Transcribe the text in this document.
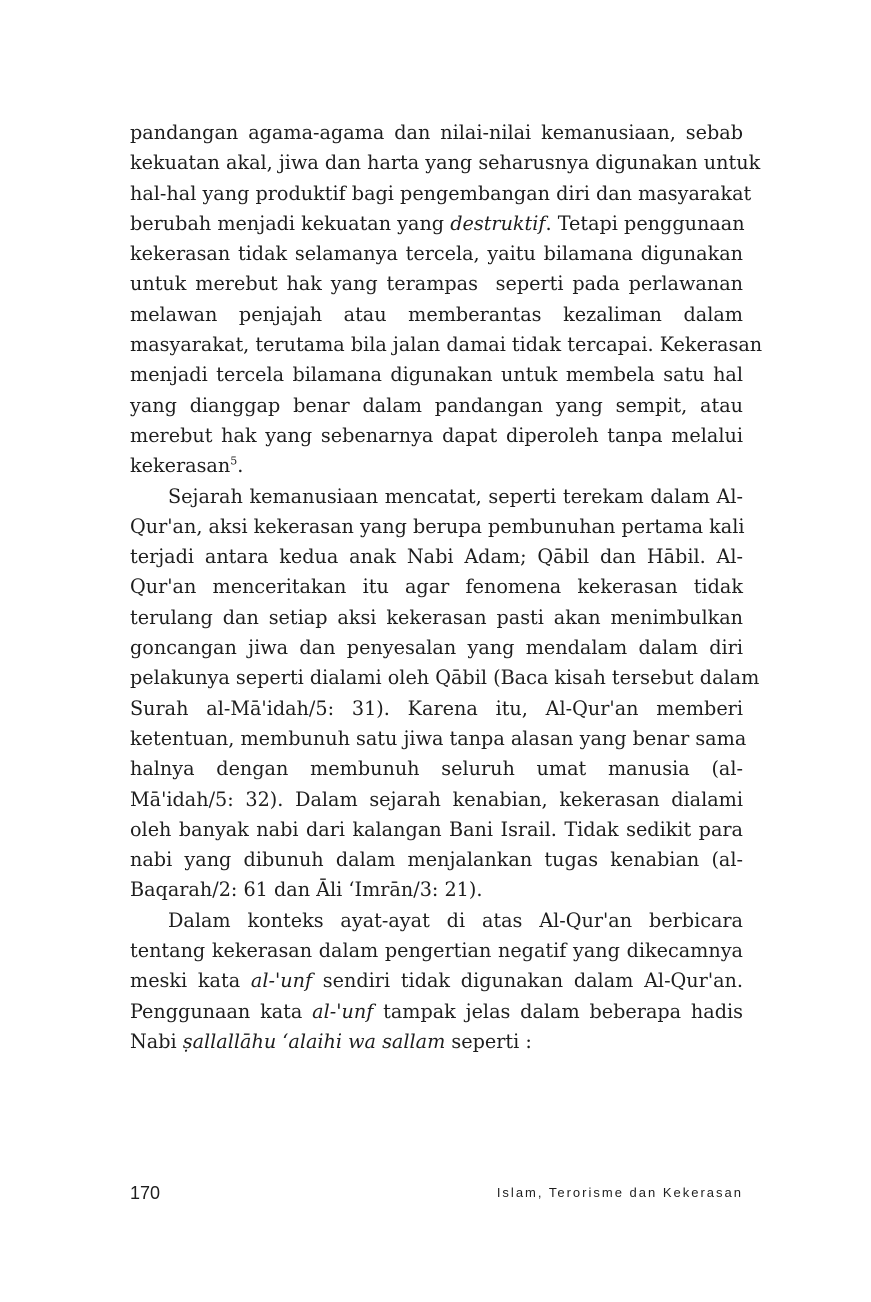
pandangan agama-agama dan nilai-nilai kemanusiaan, sebab
kekuatan akal, jiwa dan harta yang seharusnya digunakan untuk
hal-hal yang produktif bagi pengembangan diri dan masyarakat
berubah menjadi kekuatan yang destruktif. Tetapi penggunaan
kekerasan tidak selamanya tercela, yaitu bilamana digunakan
untuk merebut hak yang terampas  seperti pada perlawanan
melawan penjajah atau memberantas kezaliman dalam
masyarakat, terutama bila jalan damai tidak tercapai. Kekerasan
menjadi tercela bilamana digunakan untuk membela satu hal
yang dianggap benar dalam pandangan yang sempit, atau
merebut hak yang sebenarnya dapat diperoleh tanpa melalui
kekerasan$^5$.
Sejarah kemanusiaan mencatat, seperti terekam dalam Al-
Qur'an, aksi kekerasan yang berupa pembunuhan pertama kali
terjadi antara kedua anak Nabi Adam; Qābil dan Hābil. Al-
Qur'an menceritakan itu agar fenomena kekerasan tidak
terulang dan setiap aksi kekerasan pasti akan menimbulkan
goncangan jiwa dan penyesalan yang mendalam dalam diri
pelakunya seperti dialami oleh Qābil (Baca kisah tersebut dalam
Surah al-Mā'idah/5: 31). Karena itu, Al-Qur'an memberi
ketentuan, membunuh satu jiwa tanpa alasan yang benar sama
halnya dengan membunuh seluruh umat manusia (al-
Mā'idah/5: 32). Dalam sejarah kenabian, kekerasan dialami
oleh banyak nabi dari kalangan Bani Israil. Tidak sedikit para
nabi yang dibunuh dalam menjalankan tugas kenabian (al-
Baqarah/2: 61 dan Āli ‘Imrān/3: 21).
Dalam konteks ayat-ayat di atas Al-Qur'an berbicara
tentang kekerasan dalam pengertian negatif yang dikecamnya
meski kata al-'unf sendiri tidak digunakan dalam Al-Qur'an.
Penggunaan kata al-'unf tampak jelas dalam beberapa hadis
Nabi ṣallallāhu ‘alaihi wa sallam seperti :
170	Islam, Terorisme dan Kekerasan
